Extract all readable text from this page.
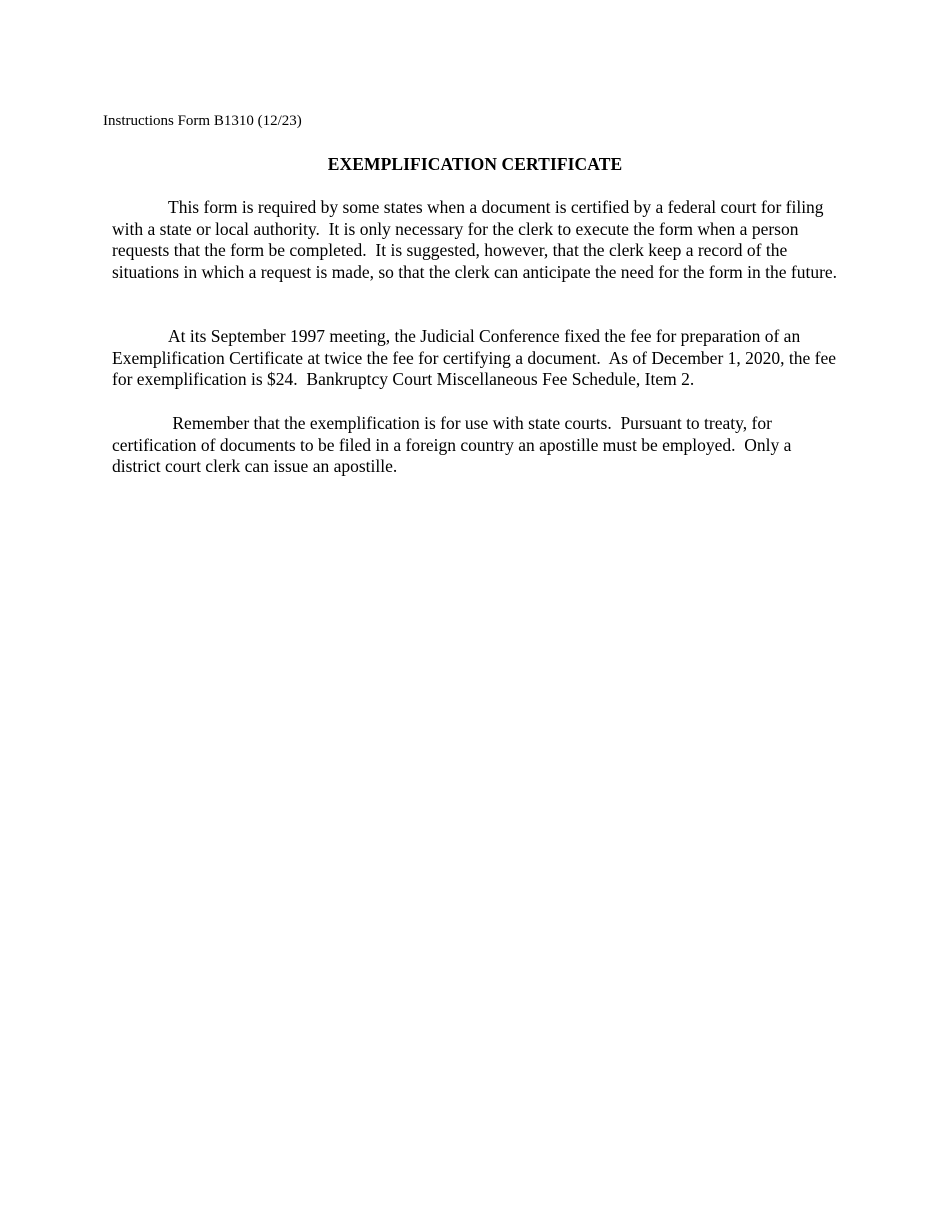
Instructions Form B1310 (12/23)
EXEMPLIFICATION CERTIFICATE

This form is required by some states when a document is certified by a federal court for filing with a state or local authority.  It is only necessary for the clerk to execute the form when a person requests that the form be completed.  It is suggested, however, that the clerk keep a record of the situations in which a request is made, so that the clerk can anticipate the need for the form in the future.

At its September 1997 meeting, the Judicial Conference fixed the fee for preparation of an Exemplification Certificate at twice the fee for certifying a document.  As of December 1, 2020, the fee for exemplification is $24.  Bankruptcy Court Miscellaneous Fee Schedule, Item 2.

Remember that the exemplification is for use with state courts.  Pursuant to treaty, for certification of documents to be filed in a foreign country an apostille must be employed.  Only a district court clerk can issue an apostille.
